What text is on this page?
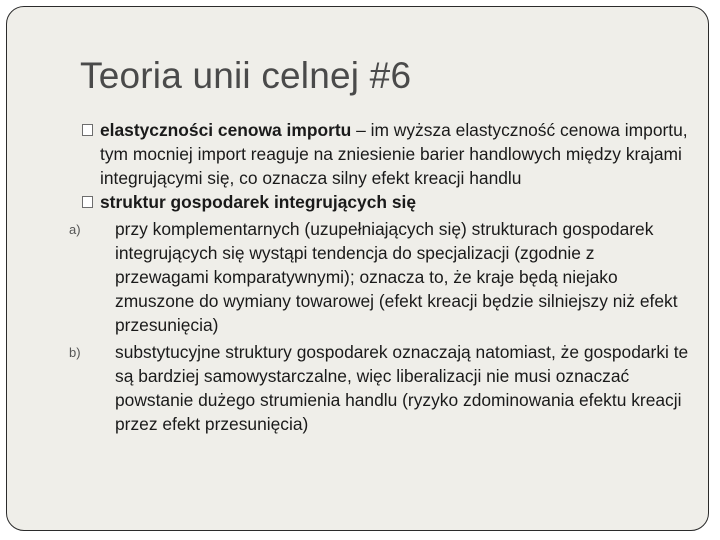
Teoria unii celnej #6
elastyczności cenowa importu – im wyższa elastyczność cenowa importu, tym mocniej import reaguje na zniesienie barier handlowych między krajami integrującymi się, co oznacza silny efekt kreacji handlu
struktur gospodarek integrujących się
a) przy komplementarnych (uzupełniających się) strukturach gospodarek integrujących się wystąpi tendencja do specjalizacji (zgodnie z przewagami komparatywnymi); oznacza to, że kraje będą niejako zmuszone do wymiany towarowej (efekt kreacji będzie silniejszy niż efekt przesunięcia)
b) substytucyjne struktury gospodarek oznaczają natomiast, że gospodarki te są bardziej samowystarczalne, więc liberalizacji nie musi oznaczać powstanie dużego strumienia handlu (ryzyko zdominowania efektu kreacji przez efekt przesunięcia)
